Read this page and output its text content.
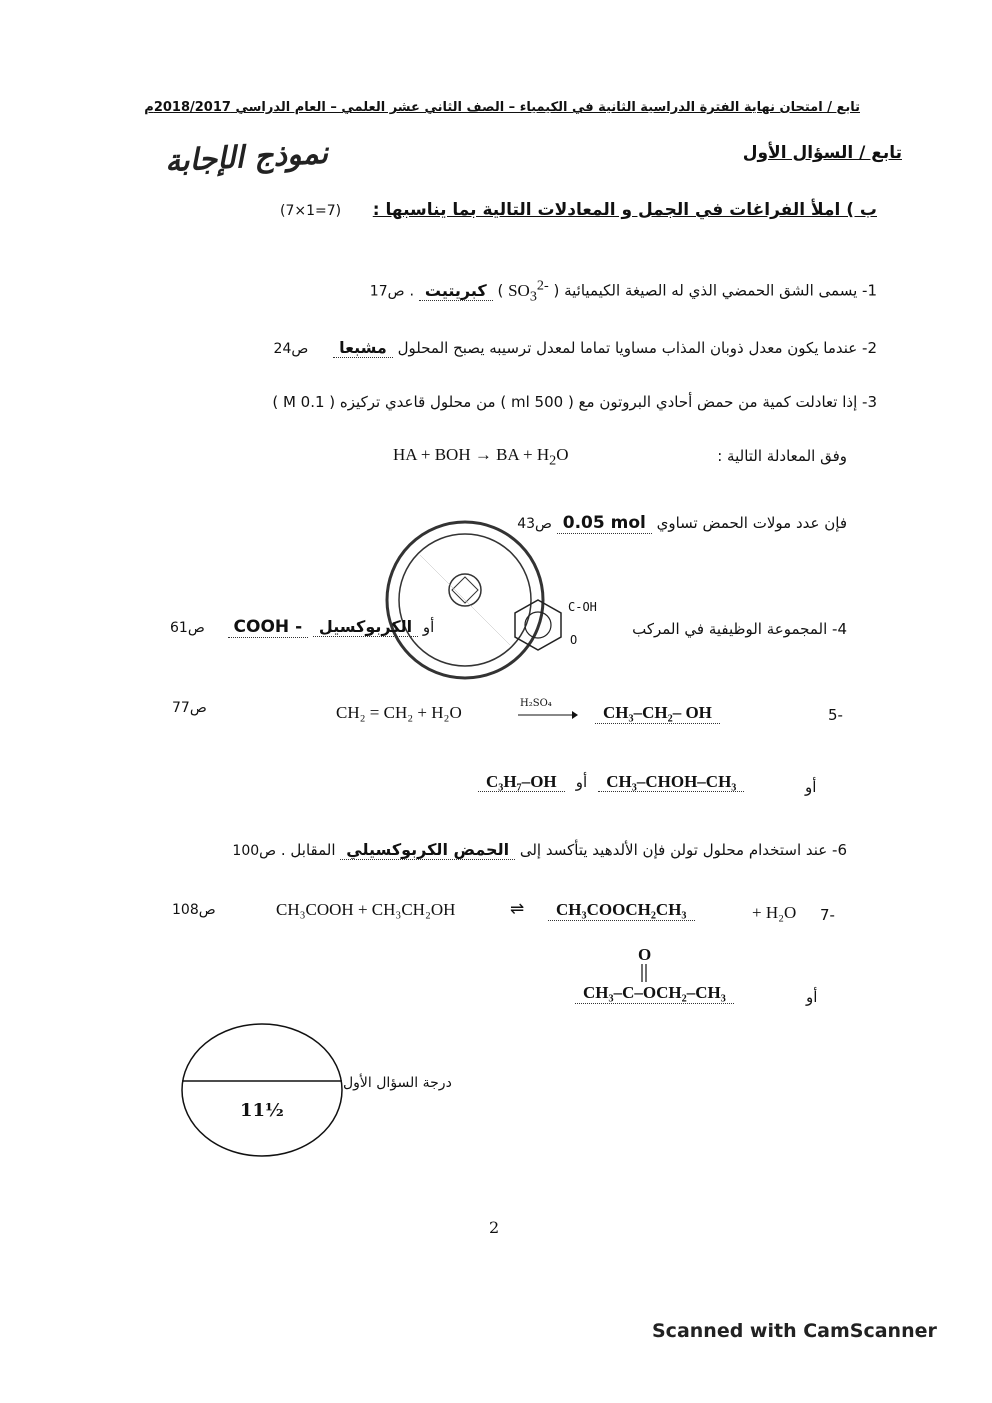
تابع / امتحان نهاية الفترة الدراسية الثانية في الكيمياء – الصف الثاني عشر العلمي – العام الدراسي 2018/2017م
نموذج الإجابة	تابع / السؤال الأول
ب ) املأ الفراغات في الجمل و المعادلات التالية بما يناسبها :
(7×1=7)
1- يسمى الشق الحمضي الذي له الصيغة الكيميائية ( $SO_3^{2-}$ ) كبريتيت . ص17
2- عندما يكون معدل ذوبان المذاب مساويا تماما لمعدل ترسيبه يصبح المحلول مشبعا ص24
3- إذا تعادلت كمية من حمض أحادي البروتون مع ( 500 ml ) من محلول قاعدي تركيزه ( 0.1 M )
وفق المعادلة التالية :
HA + BOH → BA + $H_2O$
فإن عدد مولات الحمض تساوي 0.05 mol ص43
4- المجموعة الوظيفية في المركب
C-OH
O
ص61 COOH -	أو الكربوكسيل
ص77	CH₂ = CH₂ + H₂O	H₂SO₄	CH₃–CH₂– OH	5-
C₃H₇–OH أو CH₃–CHOH–CH₃	أو
6- عند استخدام محلول تولن فإن الألدهيد يتأكسد إلى الحمض الكربوكسيلي المقابل . ص100
ص108	CH₃COOH + CH₃CH₂OH	⇌	CH₃COOCH₂CH₃	+ H₂O 7-
O
CH₃–C–OCH₂–CH₃	أو
11½
درجة السؤال الأول
2
Scanned with CamScanner
